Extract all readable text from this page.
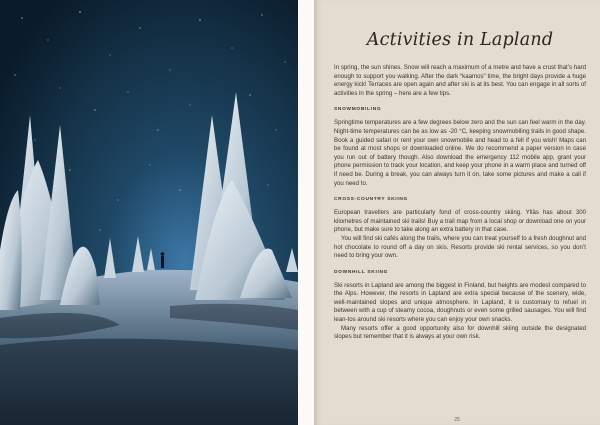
Activities in Lapland

In spring, the sun shines. Snow will reach a maximum of a metre and have a crust that’s hard enough to support you walking. After the dark “kaamos” time, the bright days provide a huge energy kick! Terraces are open again and after ski is at its best. You can engage in all sorts of activities in the spring – here are a few tips.

SNOWMOBILING

Springtime temperatures are a few degrees below zero and the sun can feel warm in the day. Night-time temperatures can be as low as -20 °C, keeping snowmobiling trails in good shape. Book a guided safari or rent your own snowmobile and head to a fell if you wish! Maps can be found at most shops or downloaded online. We do recommend a paper version in case you run out of battery though. Also download the emergency 112 mobile app, grant your phone permission to track your location, and keep your phone in a warm place and turned off if need be. During a break, you can always turn it on, take some pictures and make a call if you need to.

CROSS-COUNTRY SKIING

European travellers are particularly fond of cross-country skiing. Ylläs has about 300 kilometres of maintained ski trails! Buy a trail map from a local shop or download one on your phone, but make sure to take along an extra battery in that case.

You will find ski cafés along the trails, where you can treat yourself to a fresh doughnut and hot chocolate to round off a day on skis. Resorts provide ski rental services, so you don’t need to bring your own.

DOWNHILL SKIING

Ski resorts in Lapland are among the biggest in Finland, but heights are modest compared to the Alps. However, the resorts in Lapland are extra special because of the scenery, wide, well-maintained slopes and unique atmosphere. In Lapland, it is customary to refuel in between with a cup of steamy cocoa, doughnuts or even some grilled sausages. You will find lean-tos around ski resorts where you can enjoy your own snacks.

Many resorts offer a good opportunity also for downhill skiing outside the designated slopes but remember that it is always at your own risk.

25
